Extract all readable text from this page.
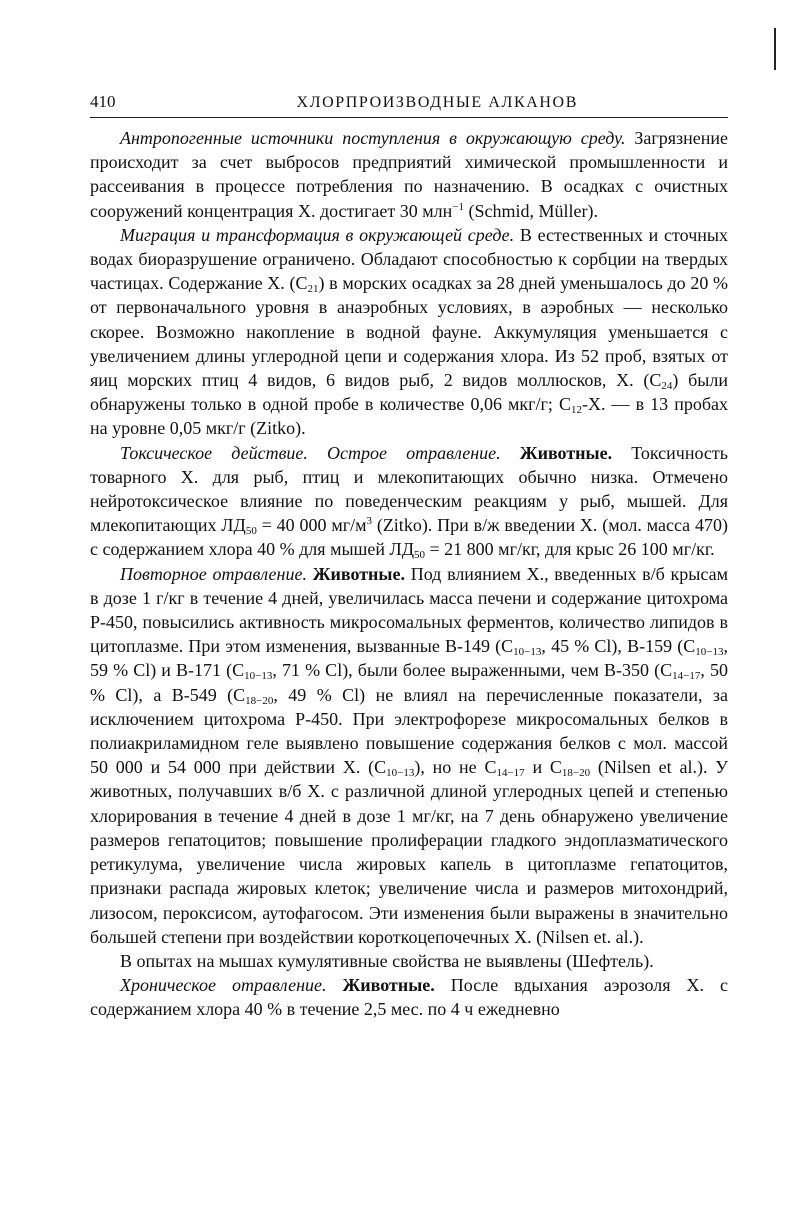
410	ХЛОРПРОИЗВОДНЫЕ АЛКАНОВ

Антропогенные источники поступления в окружающую среду. Загрязнение происходит за счет выбросов предприятий химической промышленности и рассеивания в процессе потребления по назначению. В осадках с очистных сооружений концентрация Х. достигает 30 млн$^{-1}$ (Schmid, Müller).

Миграция и трансформация в окружающей среде. В естественных и сточных водах биоразрушение ограничено. Обладают способностью к сорбции на твердых частицах. Содержание Х. $(С_{21})$ в морских осадках за 28 дней уменьшалось до 20 % от первоначального уровня в анаэробных условиях, в аэробных — несколько скорее. Возможно накопление в водной фауне. Аккумуляция уменьшается с увеличением длины углеродной цепи и содержания хлора. Из 52 проб, взятых от яиц морских птиц 4 видов, 6 видов рыб, 2 видов моллюсков, Х. $(С_{24})$ были обнаружены только в одной пробе в количестве 0,06 мкг/г; $С_{12}-Х$. — в 13 пробах на уровне 0,05 мкг/г (Zitko).

Токсическое действие. Острое отравление. Животные. Токсичность товарного Х. для рыб, птиц и млекопитающих обычно низка. Отмечено нейротоксическое влияние по поведенческим реакциям у рыб, мышей. Для млекопитающих $ЛД_{50} = 40$ 000 $мг/м^3$ (Zitko). При в/ж введении Х. (мол. масса 470) с содержанием хлора 40 % для мышей $ЛД_{50} = 21$ 800 мг/кг, для крыс 26 100 мг/кг.

Повторное отравление. Животные. Под влиянием Х., введенных в/б крысам в дозе 1 г/кг в течение 4 дней, увеличилась масса печени и содержание цитохрома Р-450, повысились активность микросомальных ферментов, количество липидов в цитоплазме. При этом изменения, вызванные В-149 ($С_{10-13}$, 45 % Cl), В-159 ($С_{10-13}$, 59 % Cl) и В-171 ($С_{10-13}$, 71 % Cl), были более выраженными, чем В-350 ($С_{14-17}$, 50 % Cl), а В-549 ($С_{18-20}$, 49 % Cl) не влиял на перечисленные показатели, за исключением цитохрома Р-450. При электрофорезе микросомальных белков в полиакриламидном геле выявлено повышение содержания белков с мол. массой 50 000 и 54 000 при действии Х. $(С_{10-13})$, но не $С_{14-17}$ и $С_{18-20}$ (Nilsen et al.). У животных, получавших в/б Х. с различной длиной углеродных цепей и степенью хлорирования в течение 4 дней в дозе 1 мг/кг, на 7 день обнаружено увеличение размеров гепатоцитов; повышение пролиферации гладкого эндоплазматического ретикулума, увеличение числа жировых капель в цитоплазме гепатоцитов, признаки распада жировых клеток; увеличение числа и размеров митохондрий, лизосом, пероксисом, аутофагосом. Эти изменения были выражены в значительно большей степени при воздействии короткоцепочечных Х. (Nilsen et. al.).

В опытах на мышах кумулятивные свойства не выявлены (Шефтель).

Хроническое отравление. Животные. После вдыхания аэрозоля Х. с содержанием хлора 40 % в течение 2,5 мес. по 4 ч ежедневно
